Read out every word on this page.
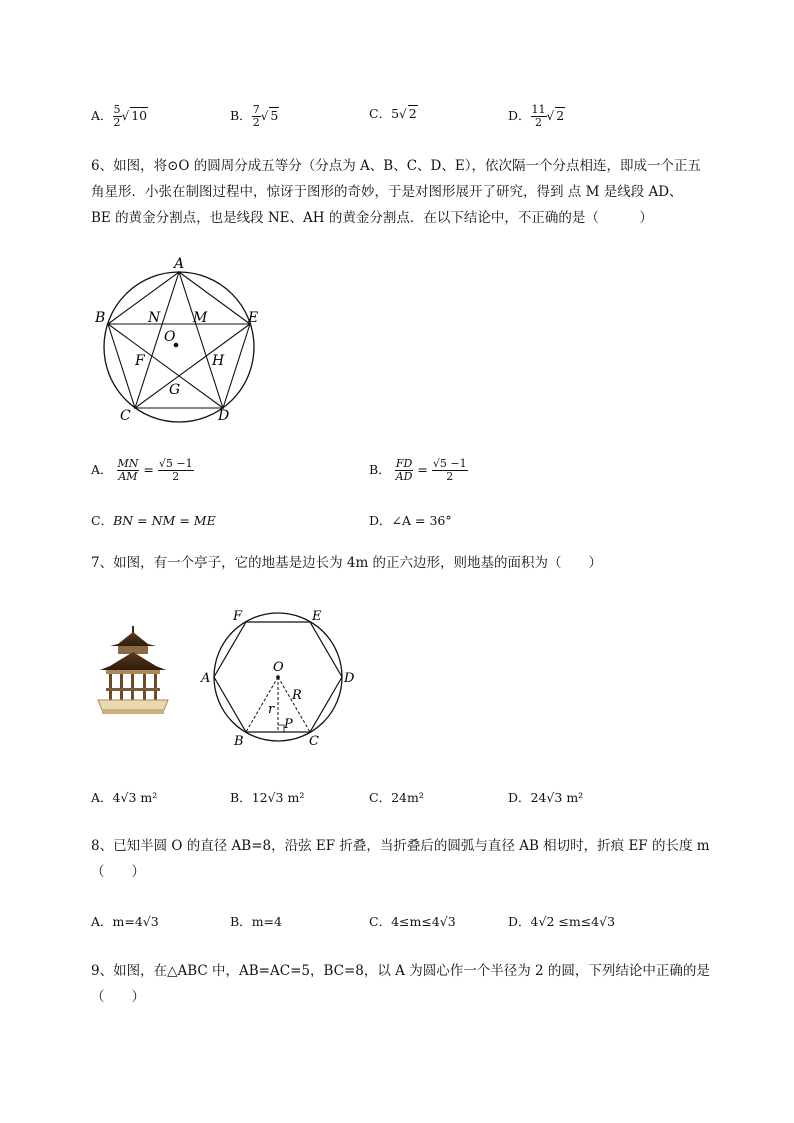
A． $\frac{5}{2}$ √ 10	B． $\frac{7}{2}$ √ 5	C．5√ 2	D． $\frac{11}{2}$ √ 2
6、如图，将⊙O 的圆周分成五等分（分点为 A、B、C、D、E），依次隔一个分点相连，即成一个正五
角星形．小张在制图过程中，惊讶于图形的奇妙，于是对图形展开了研究，得到 点 M 是线段 AD、
BE 的黄金分割点，也是线段 NE、AH 的黄金分割点．在以下结论中，不正确的是（　　　）
A
B	E
N M
O
F	H
G
C	D
A． $\frac{MN}{AM} = \frac{√5 -1}{2}$	B． $\frac{FD}{AD} = \frac{√5 -1}{2}$
C．BN = NM = ME	D．∠A = 36°
7、如图，有一个亭子，它的地基是边长为 4m 的正六边形，则地基的面积为（　　）
F	E
A	D
O
R
r
B
P
C
A．4√3 m²	B．12√3 m²	C．24m²	D．24√3 m²
8、已知半圆 O 的直径 AB=8，沿弦 EF 折叠，当折叠后的圆弧与直径 AB 相切时，折痕 EF 的长度 m
（　　）
A．m=4√3	B．m=4	C．4≤m≤4√3	D．4√2 ≤m≤4√3
9、如图，在△ABC 中，AB=AC=5，BC=8，以 A 为圆心作一个半径为 2 的圆，下列结论中正确的是
（　　）
